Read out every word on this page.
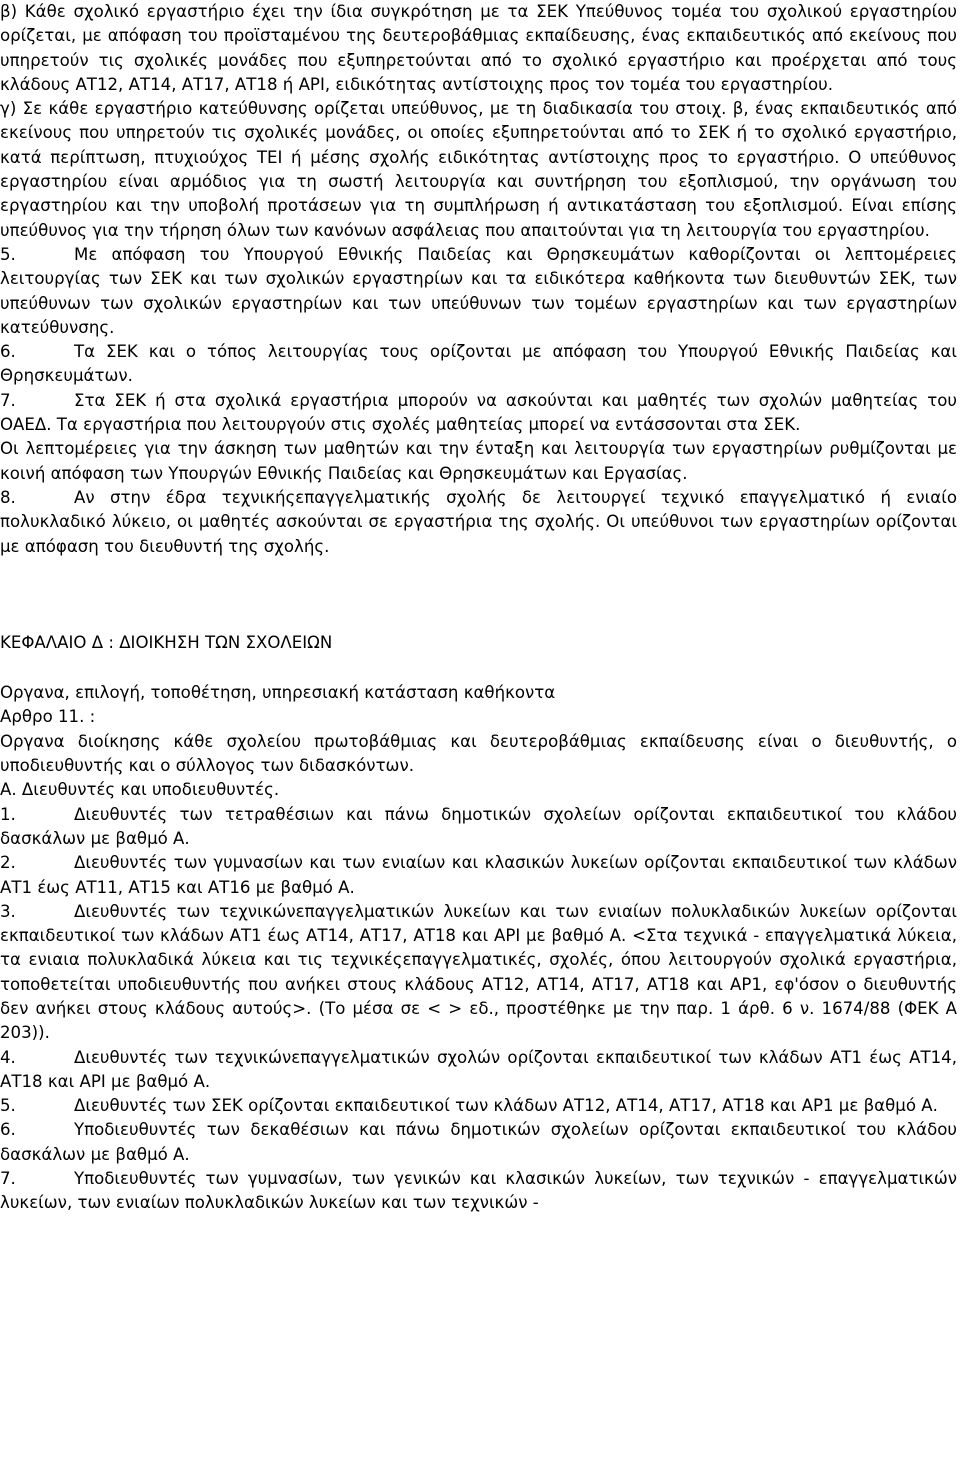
β) Κάθε σχολικό εργαστήριο έχει την ίδια συγκρότηση με τα ΣΕΚ Υπεύθυνος τομέα του σχολικού εργαστηρίου ορίζεται, με απόφαση του προϊσταμένου της δευτεροβάθμιας εκπαίδευσης, ένας εκπαιδευτικός από εκείνους που υπηρετούν τις σχολικές μονάδες που εξυπηρετούνται από το σχολικό εργαστήριο και προέρχεται από τους κλάδους ΑΤ12, ΑΤ14, ΑΤ17, ΑΤ18 ή ΑΡΙ, ειδικότητας αντίστοιχης προς τον τομέα του εργαστηρίου.

γ) Σε κάθε εργαστήριο κατεύθυνσης ορίζεται υπεύθυνος, με τη διαδικασία του στοιχ. β, ένας εκπαιδευτικός από εκείνους που υπηρετούν τις σχολικές μονάδες, οι οποίες εξυπηρετούνται από το ΣΕΚ ή το σχολικό εργαστήριο, κατά περίπτωση, πτυχιούχος ΤΕΙ ή μέσης σχολής ειδικότητας αντίστοιχης προς το εργαστήριο. Ο υπεύθυνος εργαστηρίου είναι αρμόδιος για τη σωστή λειτουργία και συντήρηση του εξοπλισμού, την οργάνωση του εργαστηρίου και την υποβολή προτάσεων για τη συμπλήρωση ή αντικατάσταση του εξοπλισμού. Είναι επίσης υπεύθυνος για την τήρηση όλων των κανόνων ασφάλειας που απαιτούνται για τη λειτουργία του εργαστηρίου.

5.	Με απόφαση του Υπουργού Εθνικής Παιδείας και Θρησκευμάτων καθορίζονται οι λεπτομέρειες λειτουργίας των ΣΕΚ και των σχολικών εργαστηρίων και τα ειδικότερα καθήκοντα των διευθυντών ΣΕΚ, των υπεύθυνων των σχολικών εργαστηρίων και των υπεύθυνων των τομέων εργαστηρίων και των εργαστηρίων κατεύθυνσης.

6.	Τα ΣΕΚ και ο τόπος λειτουργίας τους ορίζονται με απόφαση του Υπουργού Εθνικής Παιδείας και Θρησκευμάτων.

7.	Στα ΣΕΚ ή στα σχολικά εργαστήρια μπορούν να ασκούνται και μαθητές των σχολών μαθητείας του ΟΑΕΔ. Τα εργαστήρια που λειτουργούν στις σχολές μαθητείας μπορεί να εντάσσονται στα ΣΕΚ.

Οι λεπτομέρειες για την άσκηση των μαθητών και την ένταξη και λειτουργία των εργαστηρίων ρυθμίζονται με κοινή απόφαση των Υπουργών Εθνικής Παιδείας και Θρησκευμάτων και Εργασίας.

8.	Αν στην έδρα τεχνικήςεπαγγελματικής σχολής δε λειτουργεί τεχνικό επαγγελματικό ή ενιαίο πολυκλαδικό λύκειο, οι μαθητές ασκούνται σε εργαστήρια της σχολής. Οι υπεύθυνοι των εργαστηρίων ορίζονται με απόφαση του διευθυντή της σχολής.

ΚΕΦΑΛΑΙΟ Δ : ΔΙΟΙΚΗΣΗ ΤΩΝ ΣΧΟΛΕΙΩΝ

Οργανα, επιλογή, τοποθέτηση, υπηρεσιακή κατάσταση καθήκοντα

Αρθρο 11. :

Οργανα διοίκησης κάθε σχολείου πρωτοβάθμιας και δευτεροβάθμιας εκπαίδευσης είναι ο διευθυντής, ο υποδιευθυντής και ο σύλλογος των διδασκόντων.

Α. Διευθυντές και υποδιευθυντές.

1.	Διευθυντές των τετραθέσιων και πάνω δημοτικών σχολείων ορίζονται εκπαιδευτικοί του κλάδου δασκάλων με βαθμό Α.

2.	Διευθυντές των γυμνασίων και των ενιαίων και κλασικών λυκείων ορίζονται εκπαιδευτικοί των κλάδων ΑΤ1 έως ΑΤ11, ΑΤ15 και ΑΤ16 με βαθμό Α.

3.	Διευθυντές των τεχνικώνεπαγγελματικών λυκείων και των ενιαίων πολυκλαδικών λυκείων ορίζονται εκπαιδευτικοί των κλάδων ΑΤ1 έως ΑΤ14, ΑΤ17, ΑΤ18 και ΑΡΙ με βαθμό Α. <Στα τεχνικά - επαγγελματικά λύκεια, τα ενιαια πολυκλαδικά λύκεια και τις τεχνικέςεπαγγελματικές, σχολές, όπου λειτουργούν σχολικά εργαστήρια, τοποθετείται υποδιευθυντής που ανήκει στους κλάδους ΑΤ12, ΑΤ14, ΑΤ17, ΑΤ18 και ΑΡ1, εφ'όσον ο διευθυντής δεν ανήκει στους κλάδους αυτούς>. (Το μέσα σε < > εδ., προστέθηκε με την παρ. 1 άρθ. 6 ν. 1674/88 (ΦΕΚ Α 203)).

4.	Διευθυντές των τεχνικώνεπαγγελματικών σχολών ορίζονται εκπαιδευτικοί των κλάδων ΑΤ1 έως ΑΤ14, ΑΤ18 και ΑΡΙ με βαθμό Α.

5.	Διευθυντές των ΣΕΚ ορίζονται εκπαιδευτικοί των κλάδων ΑΤ12, ΑΤ14, ΑΤ17, ΑΤ18 και ΑΡ1 με βαθμό Α.

6.	Υποδιευθυντές των δεκαθέσιων και πάνω δημοτικών σχολείων ορίζονται εκπαιδευτικοί του κλάδου δασκάλων με βαθμό Α.

7.	Υποδιευθυντές των γυμνασίων, των γενικών και κλασικών λυκείων, των τεχνικών - επαγγελματικών λυκείων, των ενιαίων πολυκλαδικών λυκείων και των τεχνικών -
